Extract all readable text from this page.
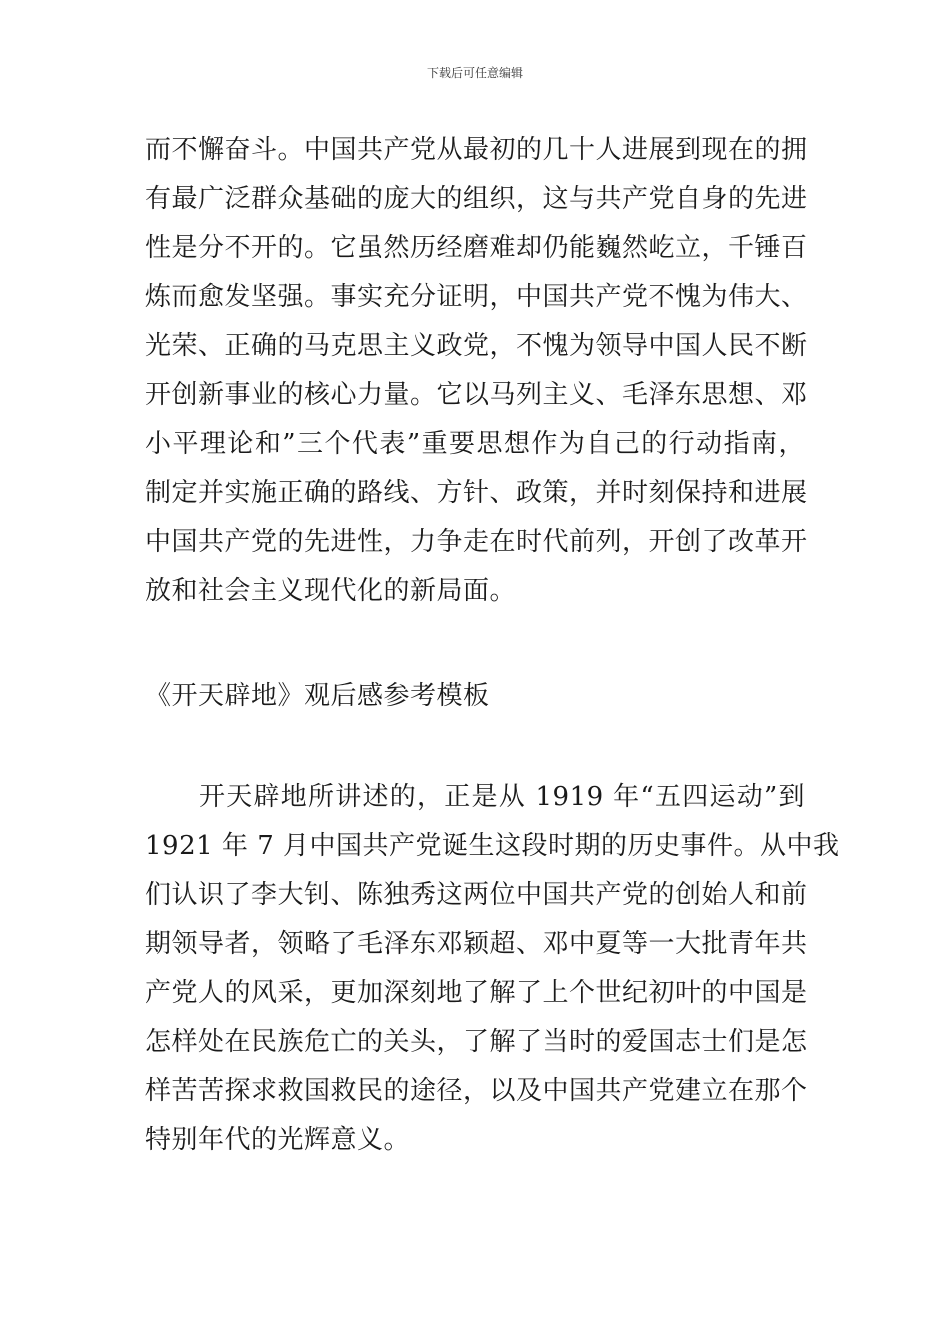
下载后可任意编辑
而不懈奋斗。中国共产党从最初的几十人进展到现在的拥
有最广泛群众基础的庞大的组织，这与共产党自身的先进
性是分不开的。它虽然历经磨难却仍能巍然屹立，千锤百
炼而愈发坚强。事实充分证明，中国共产党不愧为伟大、
光荣、正确的马克思主义政党，不愧为领导中国人民不断
开创新事业的核心力量。它以马列主义、毛泽东思想、邓
小平理论和”三个代表”重要思想作为自己的行动指南，
制定并实施正确的路线、方针、政策，并时刻保持和进展
中国共产党的先进性，力争走在时代前列，开创了改革开
放和社会主义现代化的新局面。
《开天辟地》观后感参考模板
开天辟地所讲述的，正是从 1919 年“五四运动”到
1921 年 7 月中国共产党诞生这段时期的历史事件。从中我
们认识了李大钊、陈独秀这两位中国共产党的创始人和前
期领导者，领略了毛泽东邓颖超、邓中夏等一大批青年共
产党人的风采，更加深刻地了解了上个世纪初叶的中国是
怎样处在民族危亡的关头，了解了当时的爱国志士们是怎
样苦苦探求救国救民的途径，以及中国共产党建立在那个
特别年代的光辉意义。
